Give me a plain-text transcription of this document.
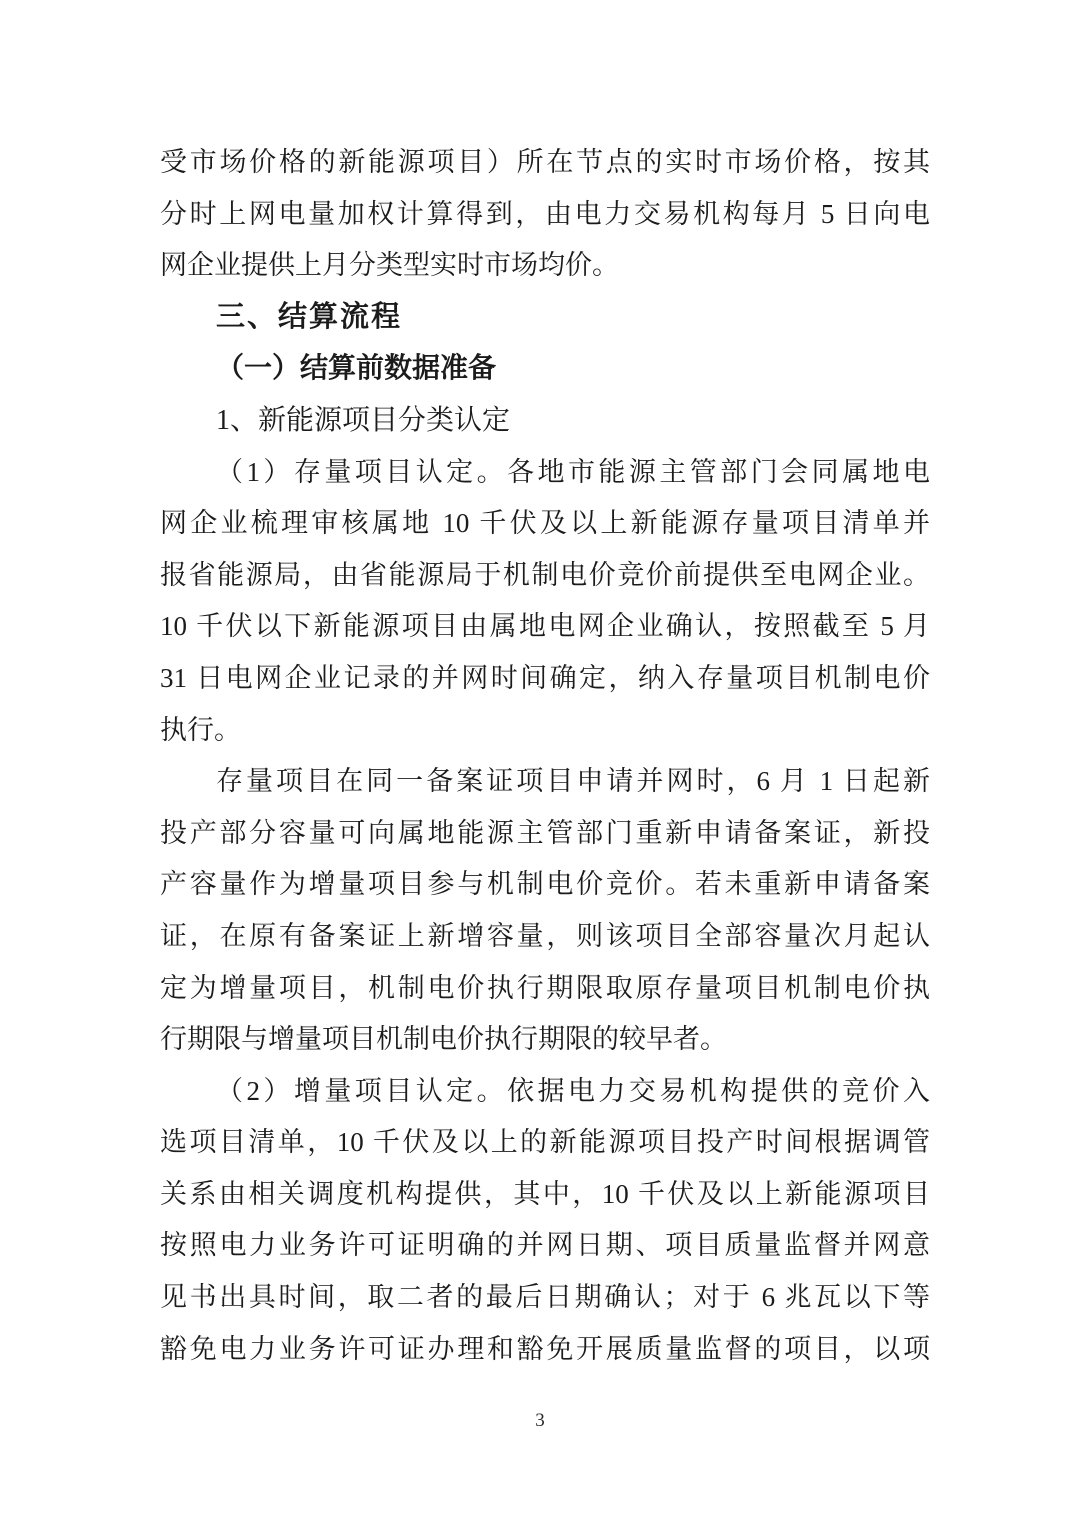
受市场价格的新能源项目）所在节点的实时市场价格，按其
分时上网电量加权计算得到，由电力交易机构每月 5 日向电
网企业提供上月分类型实时市场均价。
三、结算流程
（一）结算前数据准备
1、新能源项目分类认定
（1）存量项目认定。各地市能源主管部门会同属地电
网企业梳理审核属地 10 千伏及以上新能源存量项目清单并
报省能源局，由省能源局于机制电价竞价前提供至电网企业。
10 千伏以下新能源项目由属地电网企业确认，按照截至 5 月
31 日电网企业记录的并网时间确定，纳入存量项目机制电价
执行。
存量项目在同一备案证项目申请并网时，6 月 1 日起新
投产部分容量可向属地能源主管部门重新申请备案证，新投
产容量作为增量项目参与机制电价竞价。若未重新申请备案
证，在原有备案证上新增容量，则该项目全部容量次月起认
定为增量项目，机制电价执行期限取原存量项目机制电价执
行期限与增量项目机制电价执行期限的较早者。
（2）增量项目认定。依据电力交易机构提供的竞价入
选项目清单，10 千伏及以上的新能源项目投产时间根据调管
关系由相关调度机构提供，其中，10 千伏及以上新能源项目
按照电力业务许可证明确的并网日期、项目质量监督并网意
见书出具时间，取二者的最后日期确认；对于 6 兆瓦以下等
豁免电力业务许可证办理和豁免开展质量监督的项目，以项
3
